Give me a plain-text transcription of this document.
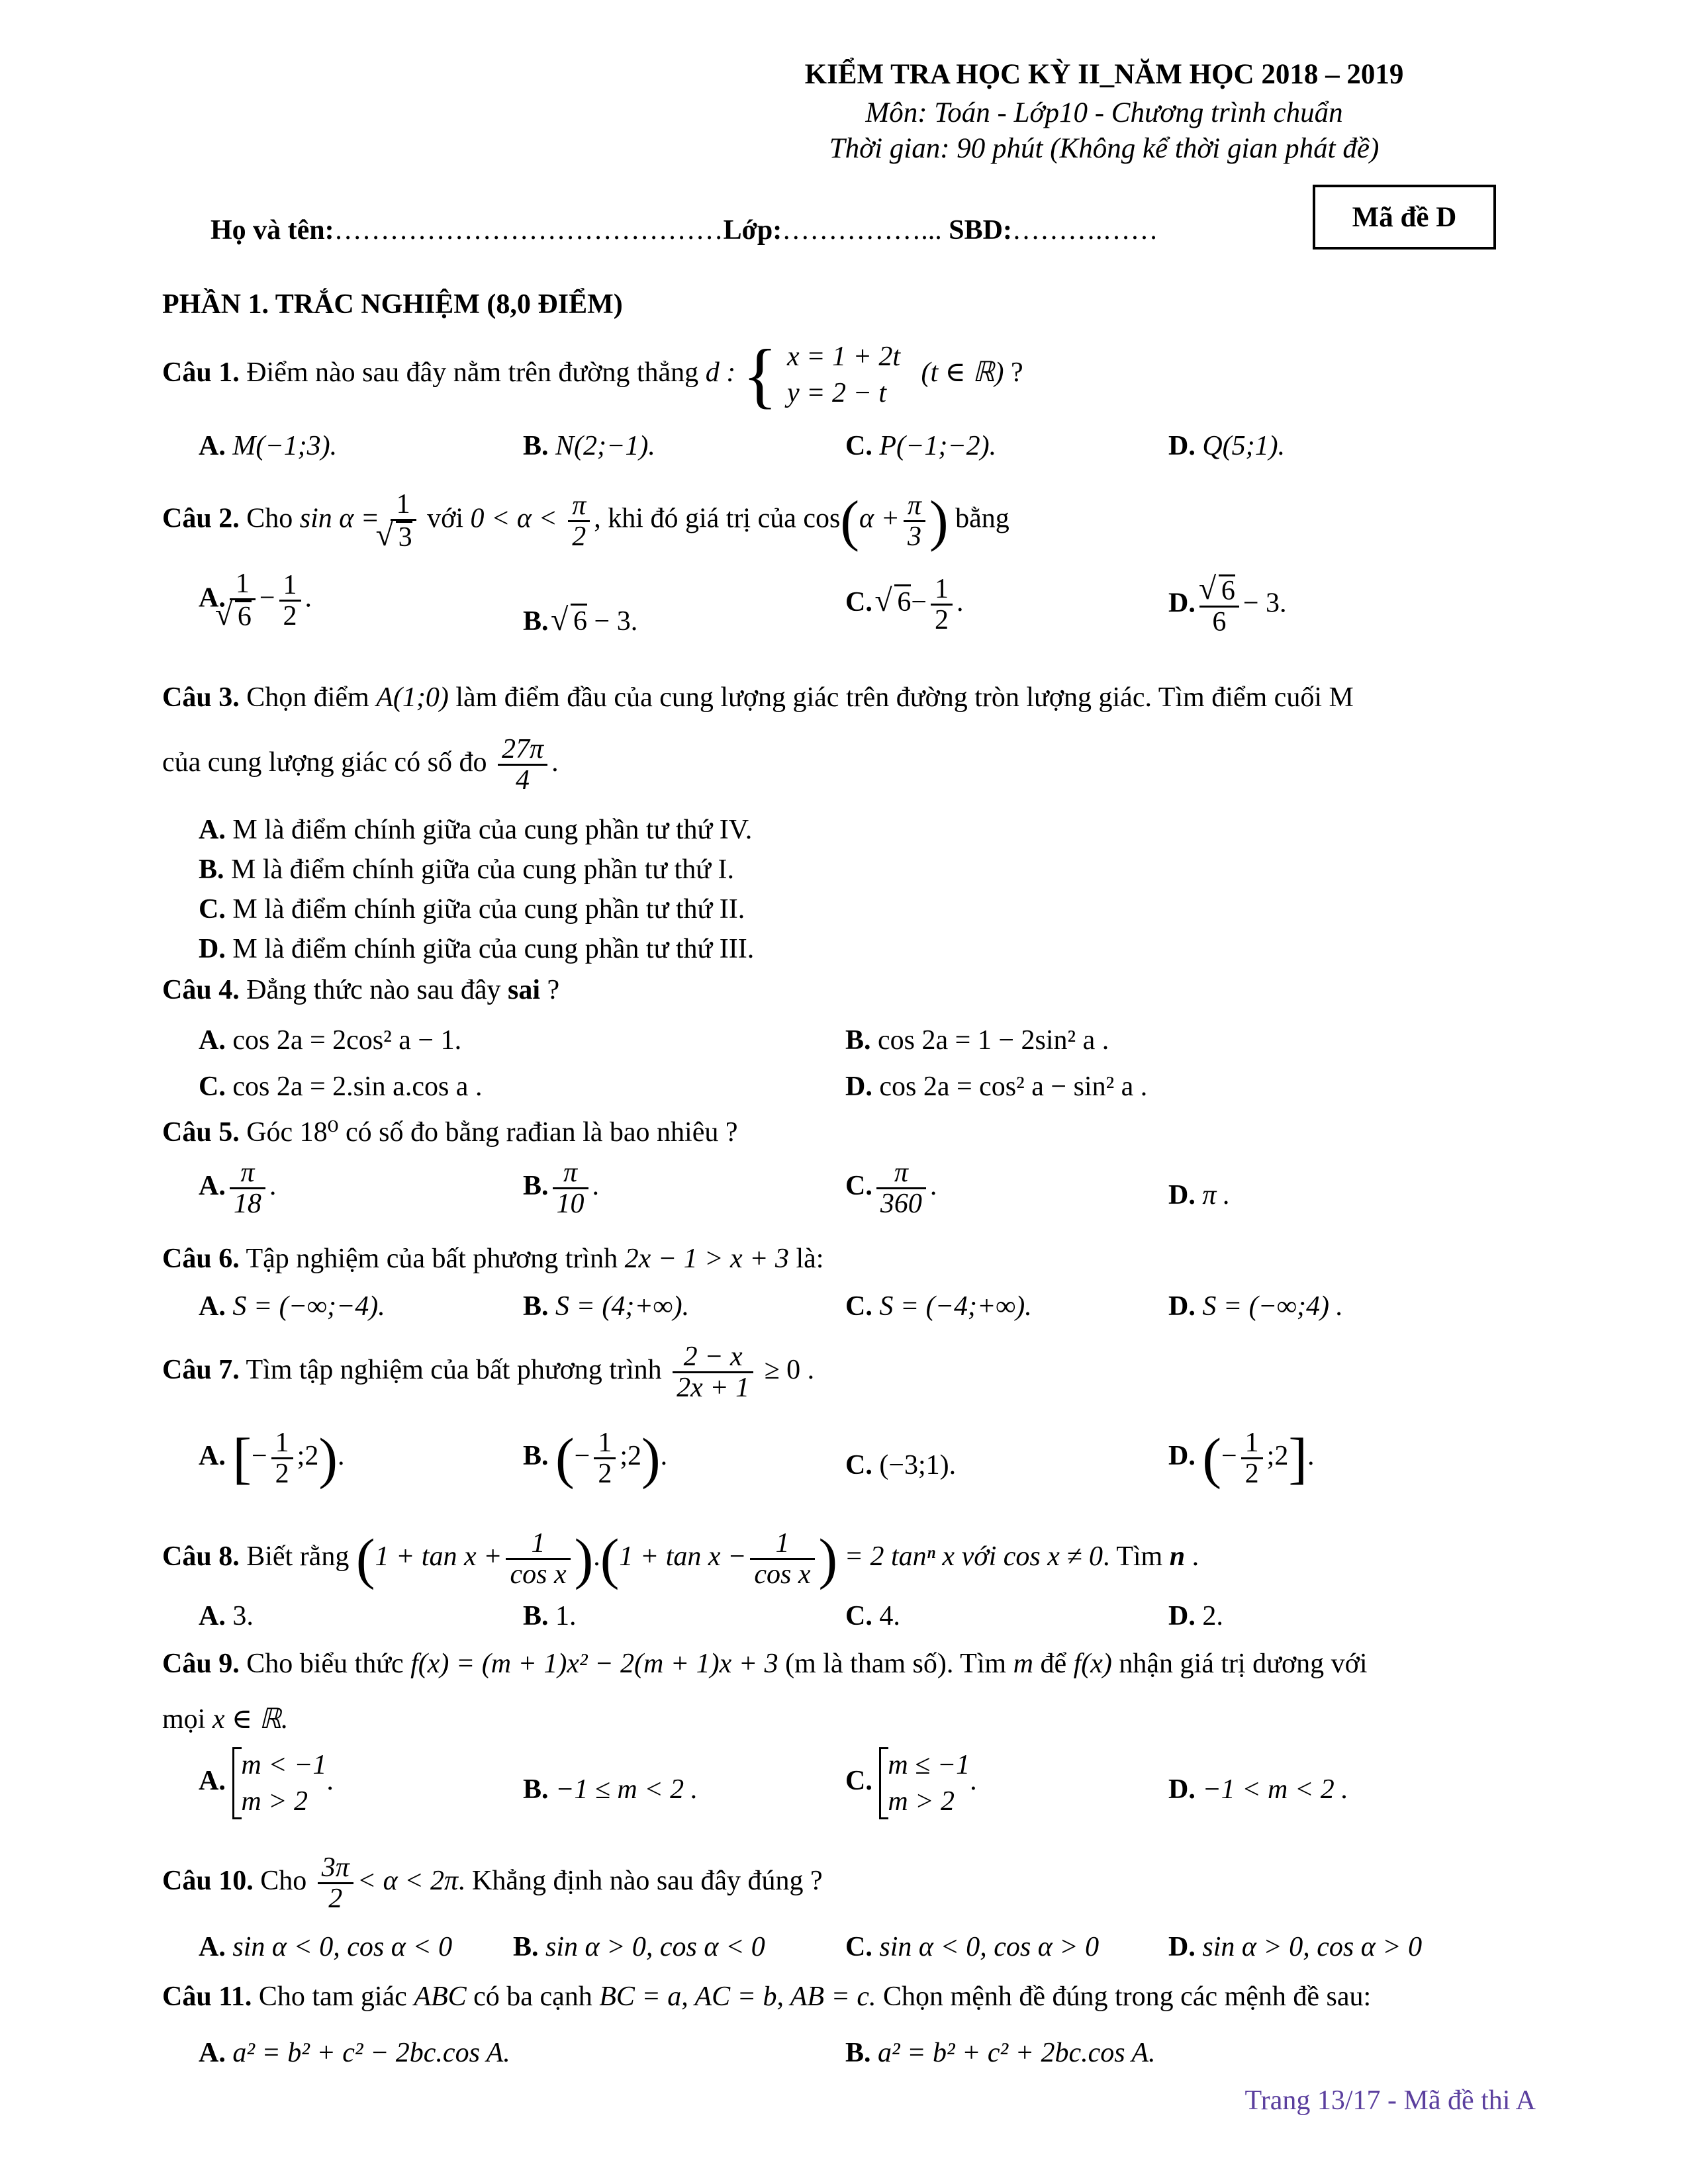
KIỂM TRA HỌC KỲ II_NĂM HỌC 2018 – 2019
Môn: Toán - Lớp10 - Chương trình chuẩn
Thời gian: 90 phút (Không kể thời gian phát đề)
Mã đề D
Họ và tên:……………………………………Lớp:……………... SBD:……….……
PHẦN 1. TRẮC NGHIỆM (8,0 ĐIỂM)
Câu 1. Điểm nào sau đây nằm trên đường thẳng d : { x = 1 + 2t
y = 2 − t
(t ∈ ℝ) ?
A. M(−1;3).	B. N(2;−1).	C. P(−1;−2).	D. Q(5;1).
Câu 2. Cho sin α = 1
√ 3 với $0 < \alpha < \frac{\pi}{2}$ , khi đó giá trị của $\cos(\alpha + \frac{\pi}{3}$ ) bằng
A. 1
√ $6 - \frac{1}{2}$ .
B. √ 6 − 3.
C. √ $6- \frac{1}{2}$ .	D. √ $\frac{6}{6} - 3$.
Câu 3. Chọn điểm A(1;0) làm điểm đầu của cung lượng giác trên đường tròn lượng giác. Tìm điểm cuối M
của cung lượng giác có số đo $\frac{27\pi}{4}$ .
A. M là điểm chính giữa của cung phần tư thứ IV.
B. M là điểm chính giữa của cung phần tư thứ I.
C. M là điểm chính giữa của cung phần tư thứ II.
D. M là điểm chính giữa của cung phần tư thứ III.
Câu 4. Đẳng thức nào sau đây sai ?
A. cos 2a = 2cos² a − 1.	B. cos 2a = 1 − 2sin² a .
C. cos 2a = 2.sin a.cos a .	D. cos 2a = cos² a − sin² a .
Câu 5. Góc 18⁰ có số đo bằng rađian là bao nhiêu ?
A. $\frac{\pi}{18}$ .	B. $\frac{\pi}{10}$ .	C. $\frac{\pi}{360}$ .	D. π .
Câu 6. Tập nghiệm của bất phương trình 2x − 1 > x + 3 là:
A. S = (−∞;−4).	B. S = (4;+∞).	C. S = (−4;+∞).	D. S = (−∞;4) .
Câu 7. Tìm tập nghiệm của bất phương trình $\frac{2 - x}{2x + 1} \ge 0$ .
A. [− $\frac{1}{2}$ ;2).	B. (− $\frac{1}{2}$ ;2).	C. (−3;1).	D. (− $\frac{1}{2}$ ;2].
Câu 8. Biết rằng $(1 + \tan x + \frac{1}{\text{cos x}} ).(1 + \tan x - \frac{1}{\text{cos x}}$ ) = 2 tanⁿ x với cos x ≠ 0. Tìm n .
A. 3.	B. 1.	C. 4.	D. 2.
Câu 9. Cho biểu thức f(x) = (m + 1)x² − 2(m + 1)x + 3 (m là tham số). Tìm m để f(x) nhận giá trị dương với
mọi x ∈ ℝ.
A.
m < −1
m > 2
.	B. −1 ≤ m < 2 .	C.
m ≤ −1
m > 2
.	D. −1 < m < 2 .
Câu 10. Cho $\frac{3\pi}{2} < \alpha < 2\pi$. Khẳng định nào sau đây đúng ?
A. sin α < 0, cos α < 0 B. sin α > 0, cos α < 0	C. sin α < 0, cos α > 0 D. sin α > 0, cos α > 0
Câu 11. Cho tam giác ABC có ba cạnh BC = a, AC = b, AB = c. Chọn mệnh đề đúng trong các mệnh đề sau:
A. a² = b² + c² − 2bc.cos A.	B. a² = b² + c² + 2bc.cos A.
Trang 13/17 - Mã đề thi A
